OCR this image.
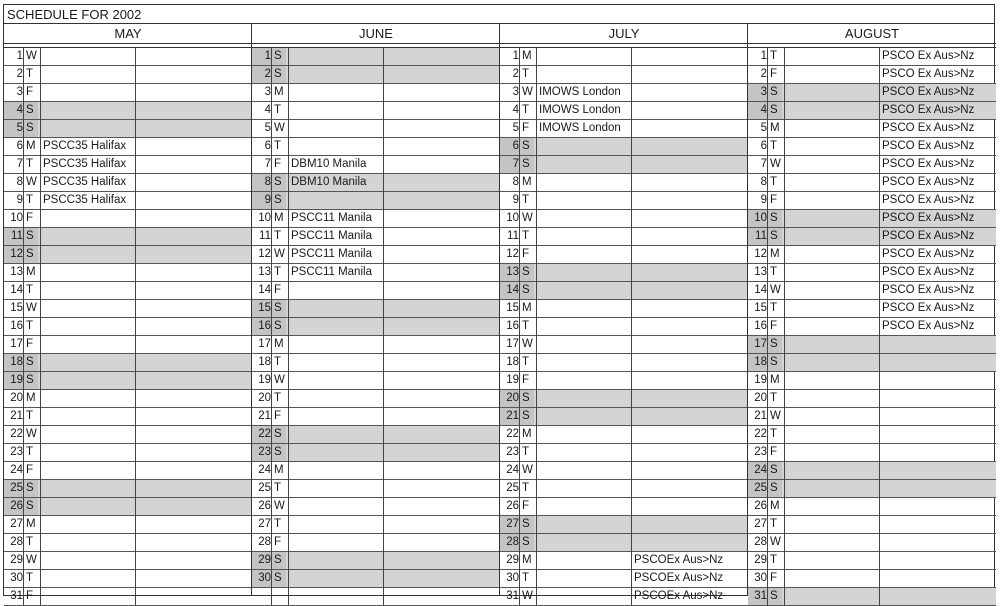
SCHEDULE FOR 2002
MAY
1 W
2 T
3 F
4 S
5 S
6 M PSCC35 Halifax
7 T PSCC35 Halifax
8 W PSCC35 Halifax
9 T PSCC35 Halifax
10 F
11 S
12 S
13 M
14 T
15 W
16 T
17 F
18 S
19 S
20 M
21 T
22 W
23 T
24 F
25 S
26 S
27 M
28 T
29 W
30 T
31 F
JUNE
1 S
2 S
3 M
4 T
5 W
6 T
7 F DBM10 Manila
8 S DBM10 Manila
9 S
10 M PSCC11 Manila
11 T PSCC11 Manila
12 W PSCC11 Manila
13 T PSCC11 Manila
14 F
15 S
16 S
17 M
18 T
19 W
20 T
21 F
22 S
23 S
24 M
25 T
26 W
27 T
28 F
29 S
30 S
JULY
1 M
2 T
3 W IMOWS London
4 T IMOWS London
5 F IMOWS London
6 S
7 S
8 M
9 T
10 W
11 T
12 F
13 S
14 S
15 M
16 T
17 W
18 T
19 F
20 S
21 S
22 M
23 T
24 W
25 T
26 F
27 S
28 S
29 M	PSCOEx Aus>Nz
30 T	PSCOEx Aus>Nz
31 W	PSCOEx Aus>Nz
AUGUST
1 T	PSCO Ex Aus>Nz
2 F	PSCO Ex Aus>Nz
3 S	PSCO Ex Aus>Nz
4 S	PSCO Ex Aus>Nz
5 M	PSCO Ex Aus>Nz
6 T	PSCO Ex Aus>Nz
7 W	PSCO Ex Aus>Nz
8 T	PSCO Ex Aus>Nz
9 F	PSCO Ex Aus>Nz
10 S	PSCO Ex Aus>Nz
11 S	PSCO Ex Aus>Nz
12 M	PSCO Ex Aus>Nz
13 T	PSCO Ex Aus>Nz
14 W	PSCO Ex Aus>Nz
15 T	PSCO Ex Aus>Nz
16 F	PSCO Ex Aus>Nz
17 S
18 S
19 M
20 T
21 W
22 T
23 F
24 S
25 S
26 M
27 T
28 W
29 T
30 F
31 S
